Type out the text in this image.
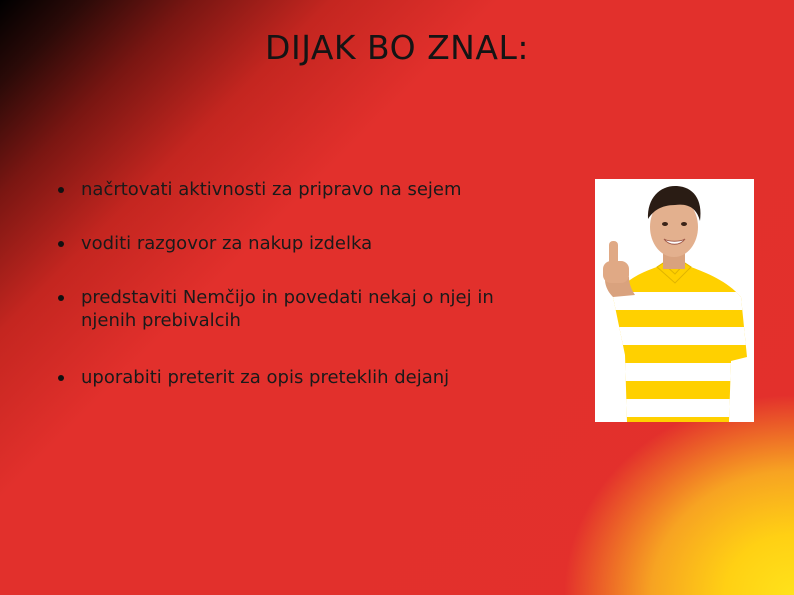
DIJAK BO ZNAL:
načrtovati aktivnosti za pripravo na sejem
voditi razgovor za nakup izdelka
predstaviti Nemčijo in povedati nekaj o njej in njenih prebivalcih
uporabiti preterit za opis preteklih dejanj
